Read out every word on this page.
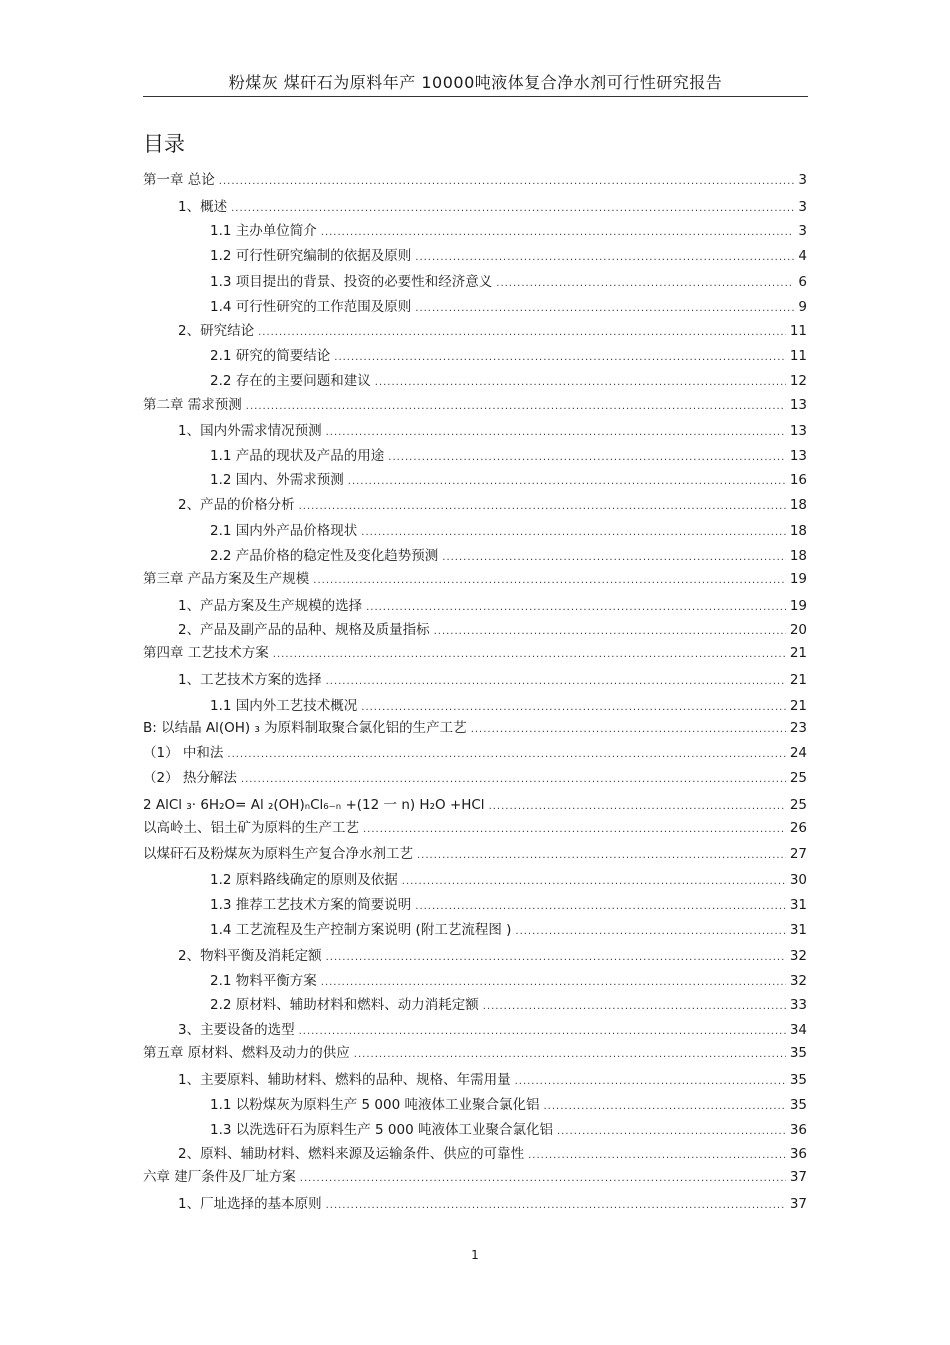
粉煤灰 煤矸石为原料年产 10000吨液体复合净水剂可行性研究报告
目录
第一章 总论 .....	3
1、概述 .....	3
1.1 主办单位简介 .....	3
1.2 可行性研究编制的依据及原则 .....	4
1.3 项目提出的背景、投资的必要性和经济意义 .....	6
1.4 可行性研究的工作范围及原则 .....	9
2、研究结论 .....	11
2.1 研究的简要结论 .....	11
2.2 存在的主要问题和建议 .....	12
第二章 需求预测 .....	13
1、国内外需求情况预测 .....	13
1.1 产品的现状及产品的用途 .....	13
1.2 国内、外需求预测 .....	16
2、产品的价格分析 .....	18
2.1 国内外产品价格现状 .....	18
2.2 产品价格的稳定性及变化趋势预测 .....	18
第三章 产品方案及生产规模 .....	19
1、产品方案及生产规模的选择 .....	19
2、产品及副产品的品种、规格及质量指标 .....	20
第四章 工艺技术方案 .....	21
1、工艺技术方案的选择 .....	21
1.1 国内外工艺技术概况 .....	21
B: 以结晶 Al(OH) ₃ 为原料制取聚合氯化铝的生产工艺 .....	23
（1） 中和法 .....	24
（2） 热分解法 .....	25
2 AlCl ₃· 6H₂O= Al ₂(OH)ₙCl₆₋ₙ +(12 一 n) H₂O +HCl .....	25
以高岭土、铝土矿为原料的生产工艺 .....	26
以煤矸石及粉煤灰为原料生产复合净水剂工艺 .....	27
1.2 原料路线确定的原则及依据 .....	30
1.3 推荐工艺技术方案的简要说明 .....	31
1.4 工艺流程及生产控制方案说明 (附工艺流程图 ) .....	31
2、物料平衡及消耗定额 .....	32
2.1 物料平衡方案 .....	32
2.2 原材料、辅助材料和燃料、动力消耗定额 .....	33
3、主要设备的选型 .....	34
第五章 原材料、燃料及动力的供应 .....	35
1、主要原料、辅助材料、燃料的品种、规格、年需用量 .....	35
1.1 以粉煤灰为原料生产 5 000 吨液体工业聚合氯化铝 .....	35
1.3 以洗选矸石为原料生产 5 000 吨液体工业聚合氯化铝 .....	36
2、原料、辅助材料、燃料来源及运输条件、供应的可靠性 .....	36
六章 建厂条件及厂址方案 .....	37
1、厂址选择的基本原则 .....	37
1
